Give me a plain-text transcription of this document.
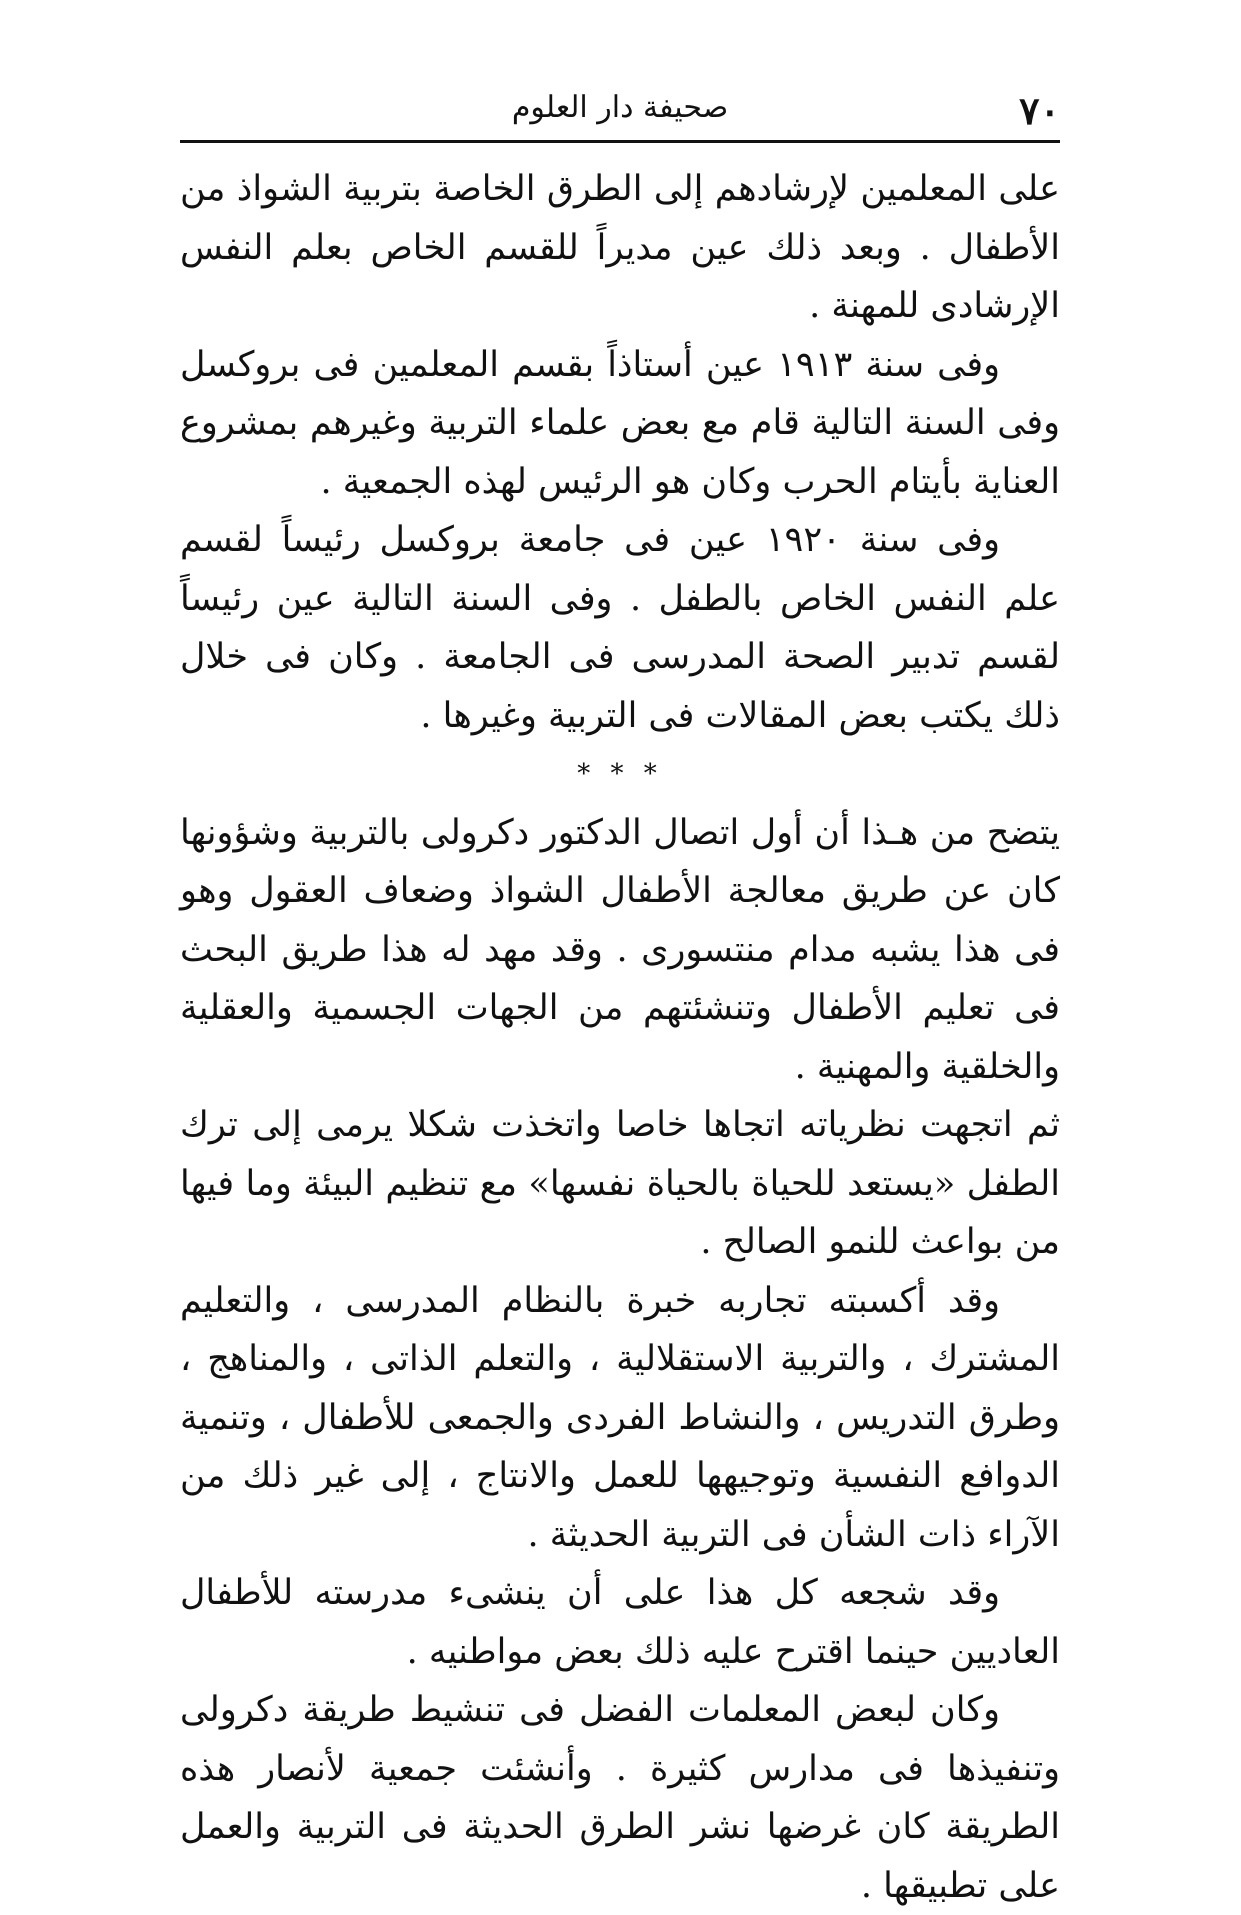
٧٠
صحيفة دار العلوم

على المعلمين لإرشادهم إلى الطرق الخاصة بتربية الشواذ من الأطفال . وبعد ذلك عين مديراً للقسم الخاص بعلم النفس الإرشادى للمهنة .

وفى سنة ١٩١٣ عين أستاذاً بقسم المعلمين فى بروكسل وفى السنة التالية قام مع بعض علماء التربية وغيرهم بمشروع العناية بأيتام الحرب وكان هو الرئيس لهذه الجمعية .

وفى سنة ١٩٢٠ عين فى جامعة بروكسل رئيساً لقسم علم النفس الخاص بالطفل . وفى السنة التالية عين رئيساً لقسم تدبير الصحة المدرسى فى الجامعة . وكان فى خلال ذلك يكتب بعض المقالات فى التربية وغيرها .

* * *

يتضح من هـذا أن أول اتصال الدكتور دكرولى بالتربية وشؤونها كان عن طريق معالجة الأطفال الشواذ وضعاف العقول وهو فى هذا يشبه مدام منتسورى . وقد مهد له هذا طريق البحث فى تعليم الأطفال وتنشئتهم من الجهات الجسمية والعقلية والخلقية والمهنية .

ثم اتجهت نظرياته اتجاها خاصا واتخذت شكلا يرمى إلى ترك الطفل «يستعد للحياة بالحياة نفسها» مع تنظيم البيئة وما فيها من بواعث للنمو الصالح .

وقد أكسبته تجاربه خبرة بالنظام المدرسى ، والتعليم المشترك ، والتربية الاستقلالية ، والتعلم الذاتى ، والمناهج ، وطرق التدريس ، والنشاط الفردى والجمعى للأطفال ، وتنمية الدوافع النفسية وتوجيهها للعمل والانتاج ، إلى غير ذلك من الآراء ذات الشأن فى التربية الحديثة .

وقد شجعه كل هذا على أن ينشىء مدرسته للأطفال العاديين حينما اقترح عليه ذلك بعض مواطنيه .

وكان لبعض المعلمات الفضل فى تنشيط طريقة دكرولى وتنفيذها فى مدارس كثيرة . وأنشئت جمعية لأنصار هذه الطريقة كان غرضها نشر الطرق الحديثة فى التربية والعمل على تطبيقها .
